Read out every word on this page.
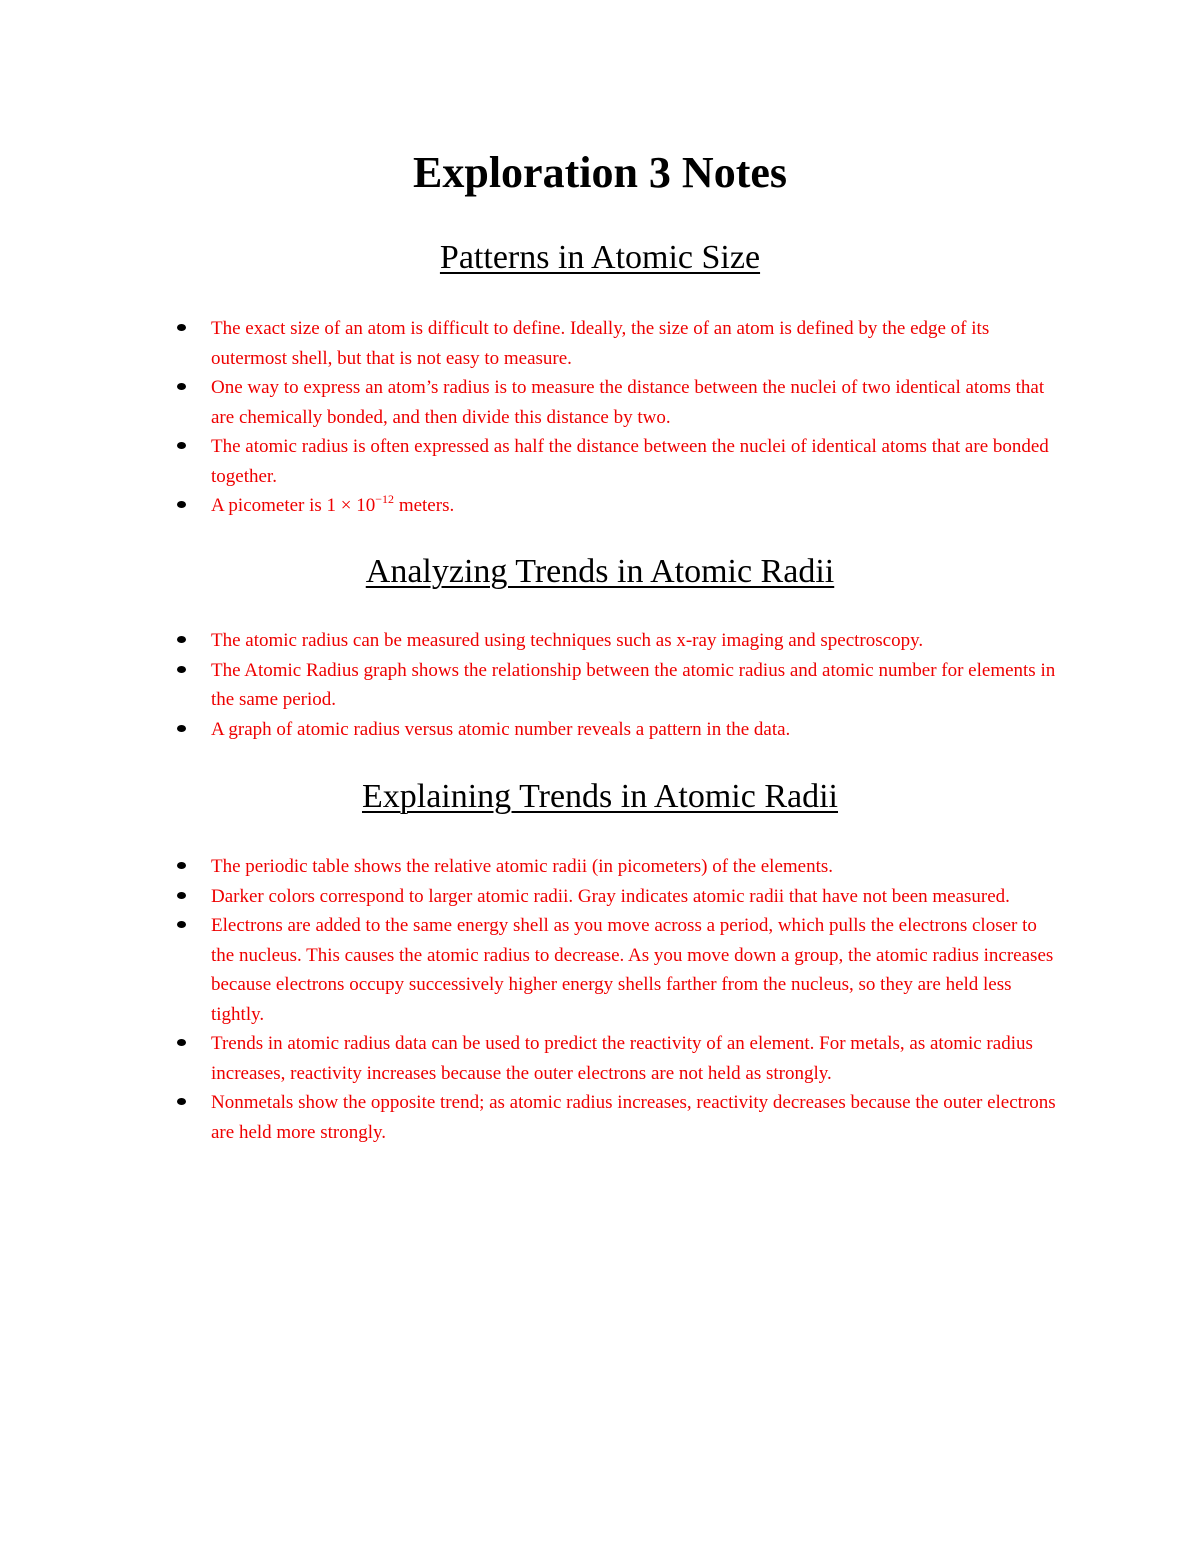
Exploration 3 Notes
Patterns in Atomic Size
The exact size of an atom is difficult to define. Ideally, the size of an atom is defined by the edge of its outermost shell, but that is not easy to measure.
One way to express an atom’s radius is to measure the distance between the nuclei of two identical atoms that are chemically bonded, and then divide this distance by two.
The atomic radius is often expressed as half the distance between the nuclei of identical atoms that are bonded together.
A picometer is $1 \times 10^{-12}$ meters.
Analyzing Trends in Atomic Radii
The atomic radius can be measured using techniques such as x-ray imaging and spectroscopy.
The Atomic Radius graph shows the relationship between the atomic radius and atomic number for elements in the same period.
A graph of atomic radius versus atomic number reveals a pattern in the data.
Explaining Trends in Atomic Radii
The periodic table shows the relative atomic radii (in picometers) of the elements.
Darker colors correspond to larger atomic radii. Gray indicates atomic radii that have not been measured.
Electrons are added to the same energy shell as you move across a period, which pulls the electrons closer to the nucleus. This causes the atomic radius to decrease. As you move down a group, the atomic radius increases because electrons occupy successively higher energy shells farther from the nucleus, so they are held less tightly.
Trends in atomic radius data can be used to predict the reactivity of an element. For metals, as atomic radius increases, reactivity increases because the outer electrons are not held as strongly.
Nonmetals show the opposite trend; as atomic radius increases, reactivity decreases because the outer electrons are held more strongly.
